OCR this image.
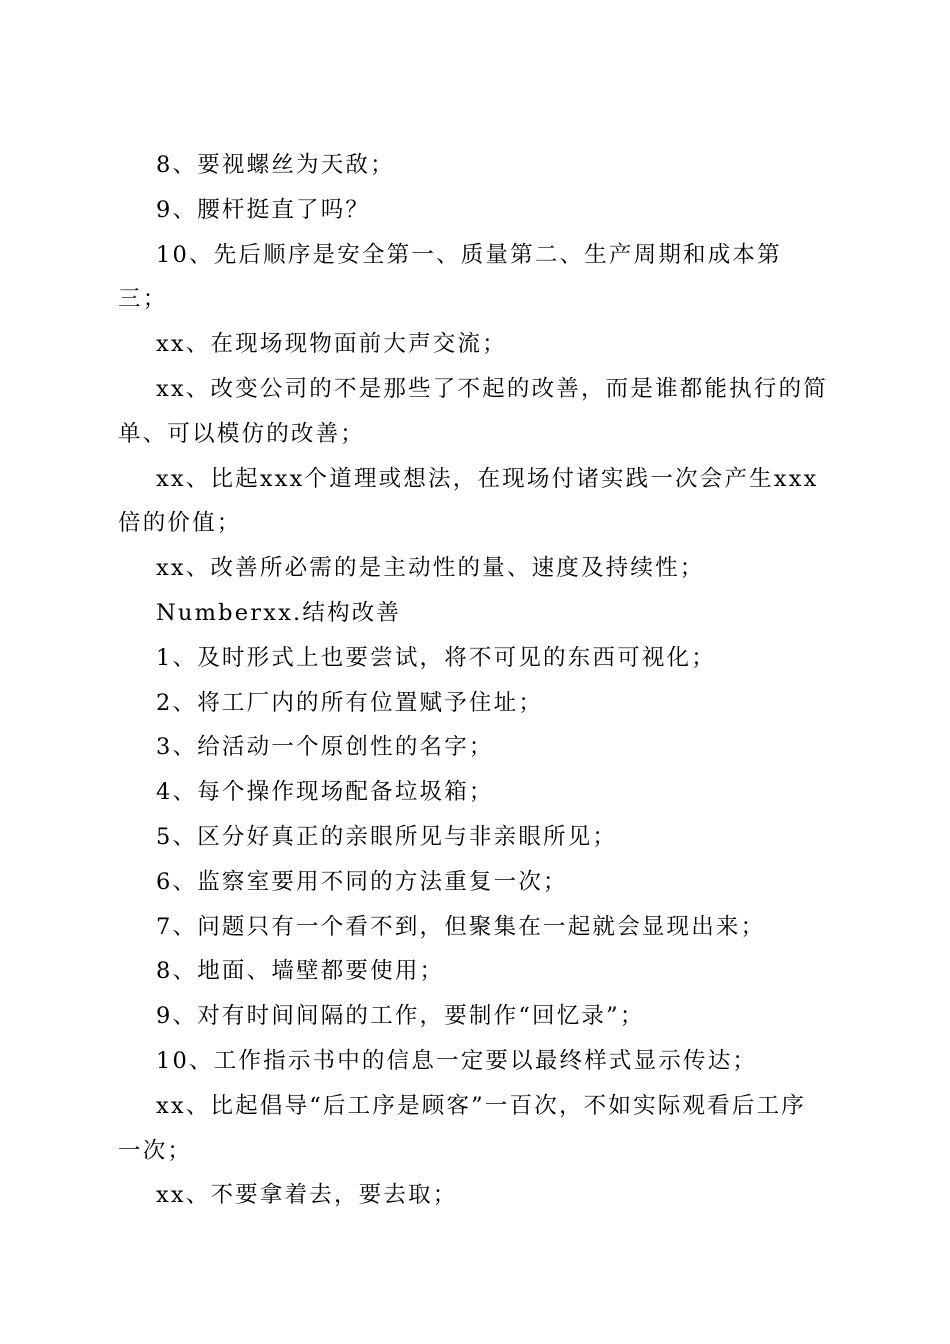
8、要视螺丝为天敌；

9、腰杆挺直了吗？

10、先后顺序是安全第一、质量第二、生产周期和成本第三；

xx、在现场现物面前大声交流；

xx、改变公司的不是那些了不起的改善，而是谁都能执行的简单、可以模仿的改善；

xx、比起xxx个道理或想法，在现场付诸实践一次会产生xxx倍的价值；

xx、改善所必需的是主动性的量、速度及持续性；

Numberxx.结构改善

1、及时形式上也要尝试，将不可见的东西可视化；

2、将工厂内的所有位置赋予住址；

3、给活动一个原创性的名字；

4、每个操作现场配备垃圾箱；

5、区分好真正的亲眼所见与非亲眼所见；

6、监察室要用不同的方法重复一次；

7、问题只有一个看不到，但聚集在一起就会显现出来；

8、地面、墙壁都要使用；

9、对有时间间隔的工作，要制作“回忆录”；

10、工作指示书中的信息一定要以最终样式显示传达；

xx、比起倡导“后工序是顾客”一百次，不如实际观看后工序一次；

xx、不要拿着去，要去取；
